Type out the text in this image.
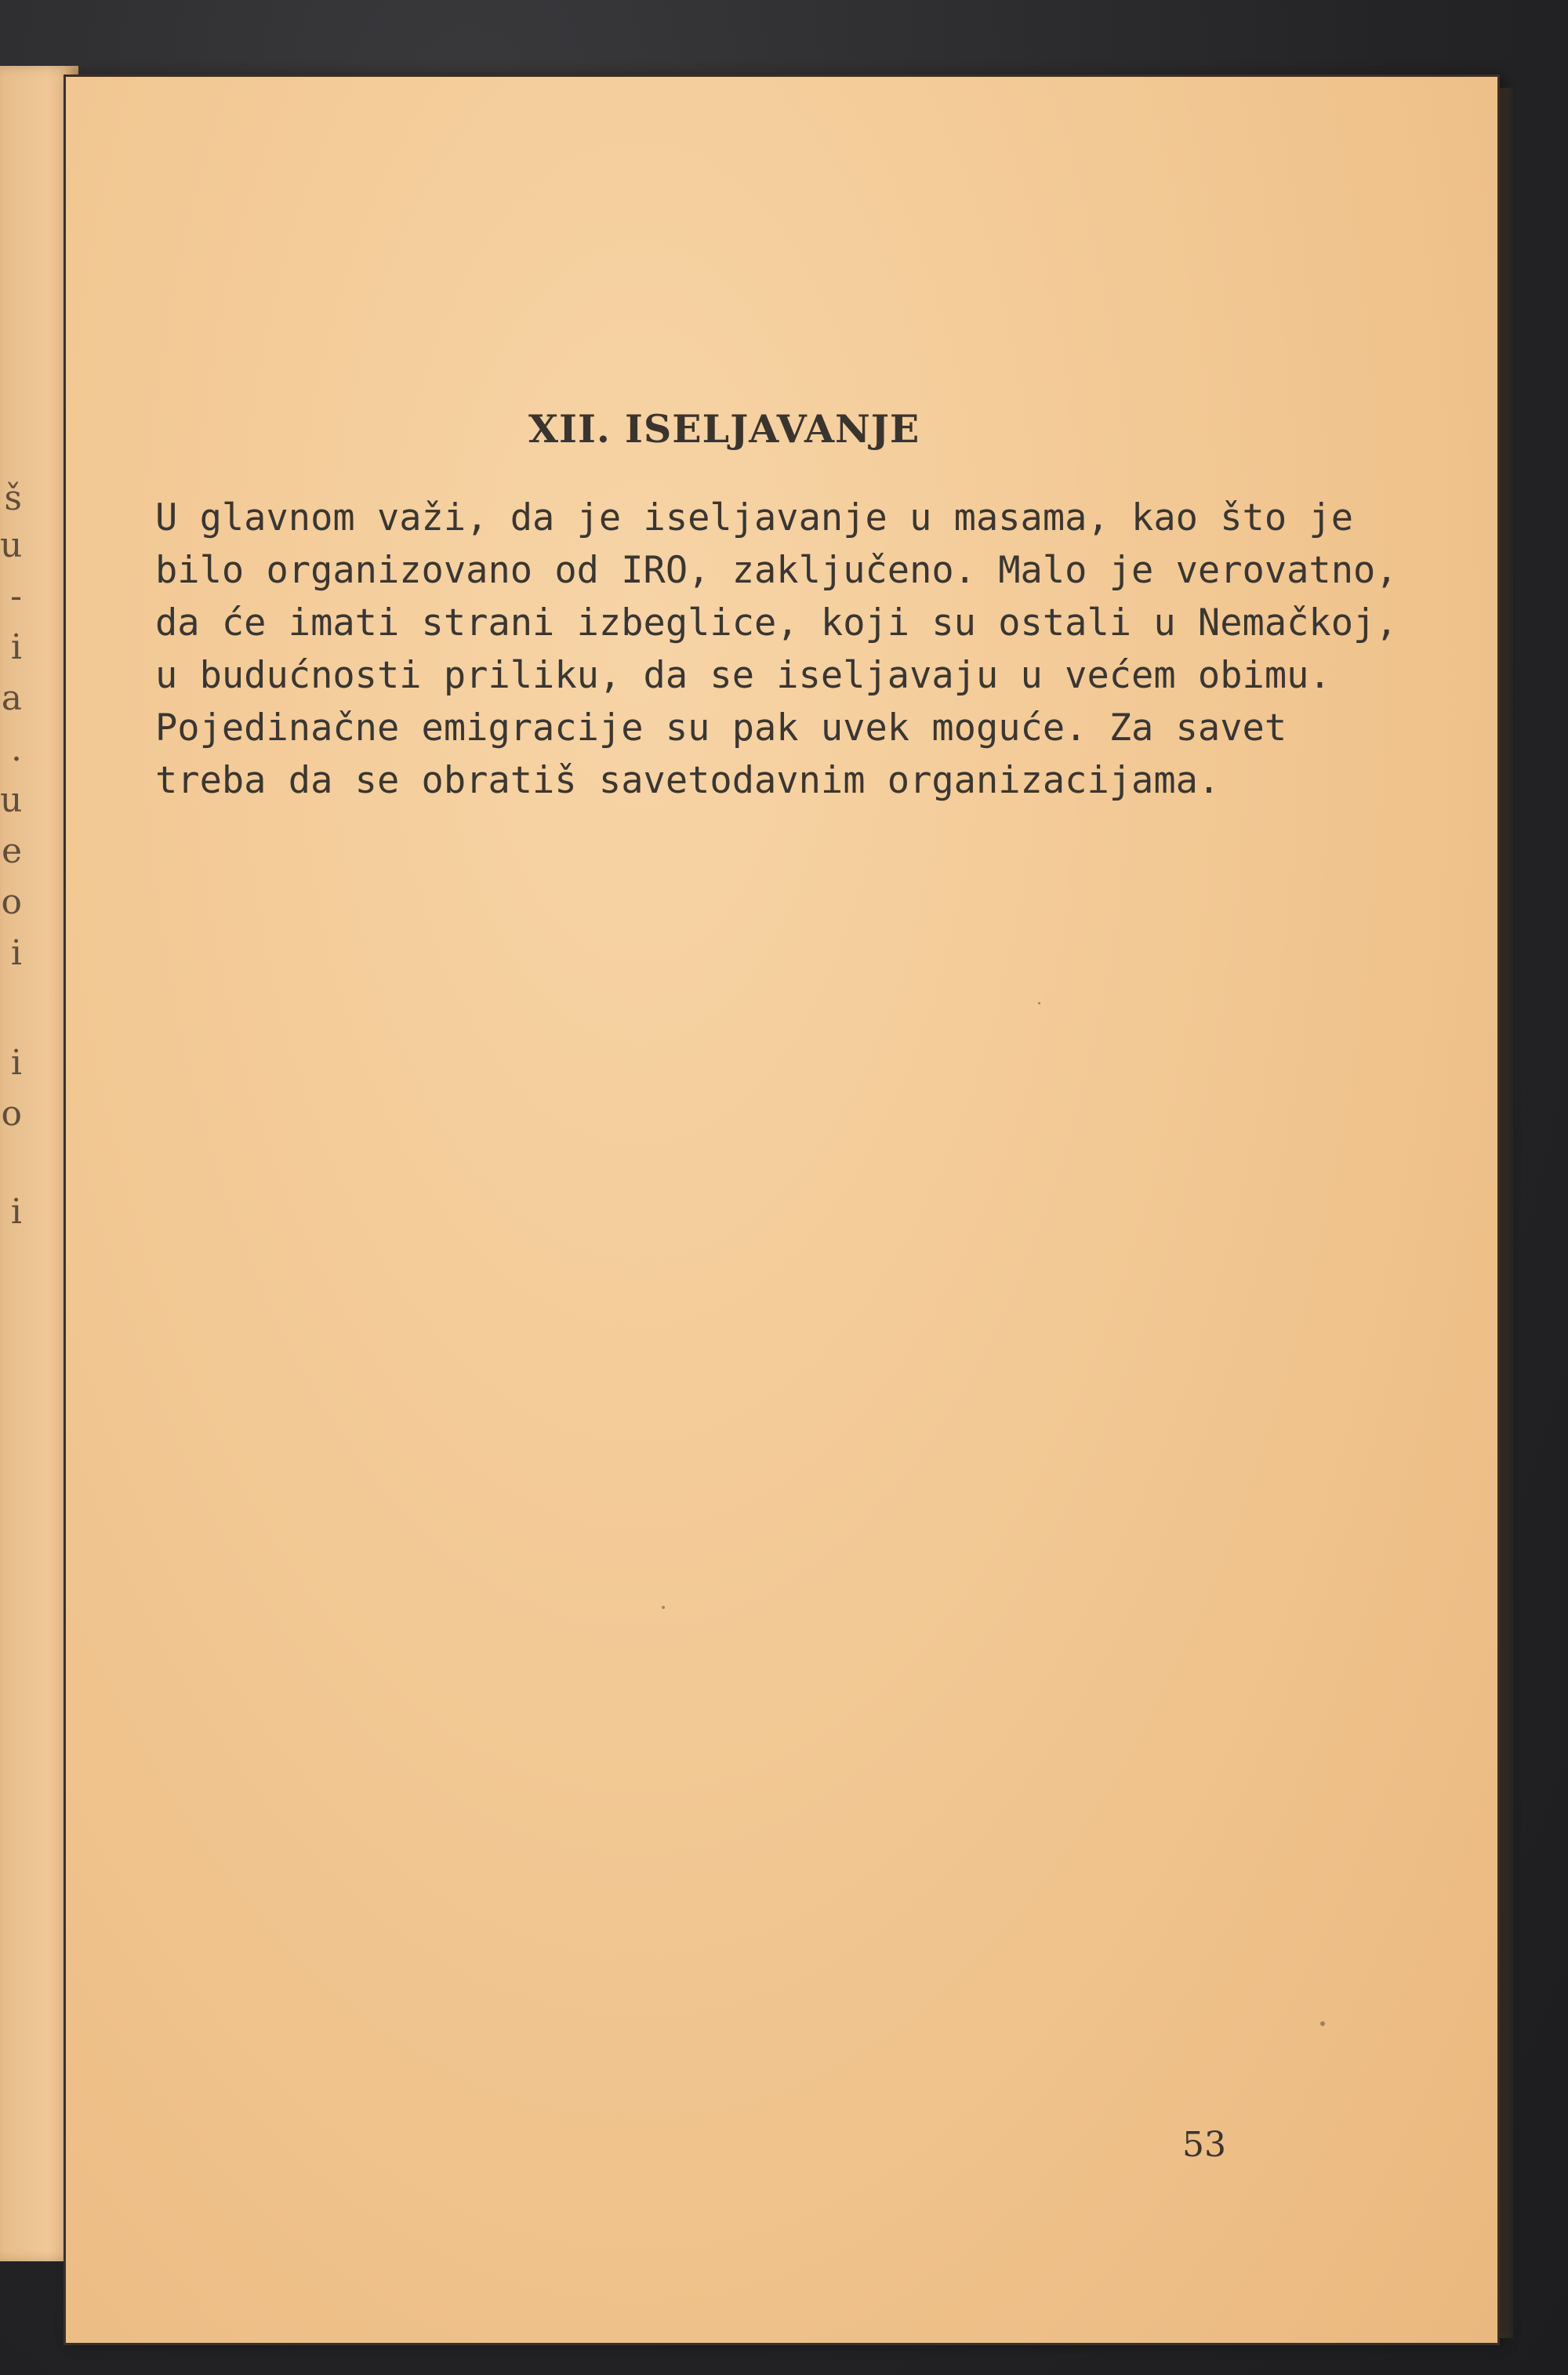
š
u
-
i
a
.
u
e
o
i
i
o
i
XII. ISELJAVANJE
U glavnom važi, da je iseljavanje u masama, kao što je
bilo organizovano od IRO, zaključeno. Malo je verovatno,
da će imati strani izbeglice, koji su ostali u Nemačkoj,
u budućnosti priliku, da se iseljavaju u većem obimu.
Pojedinačne emigracije su pak uvek moguće. Za savet
treba da se obratiš savetodavnim organizacijama.
53
